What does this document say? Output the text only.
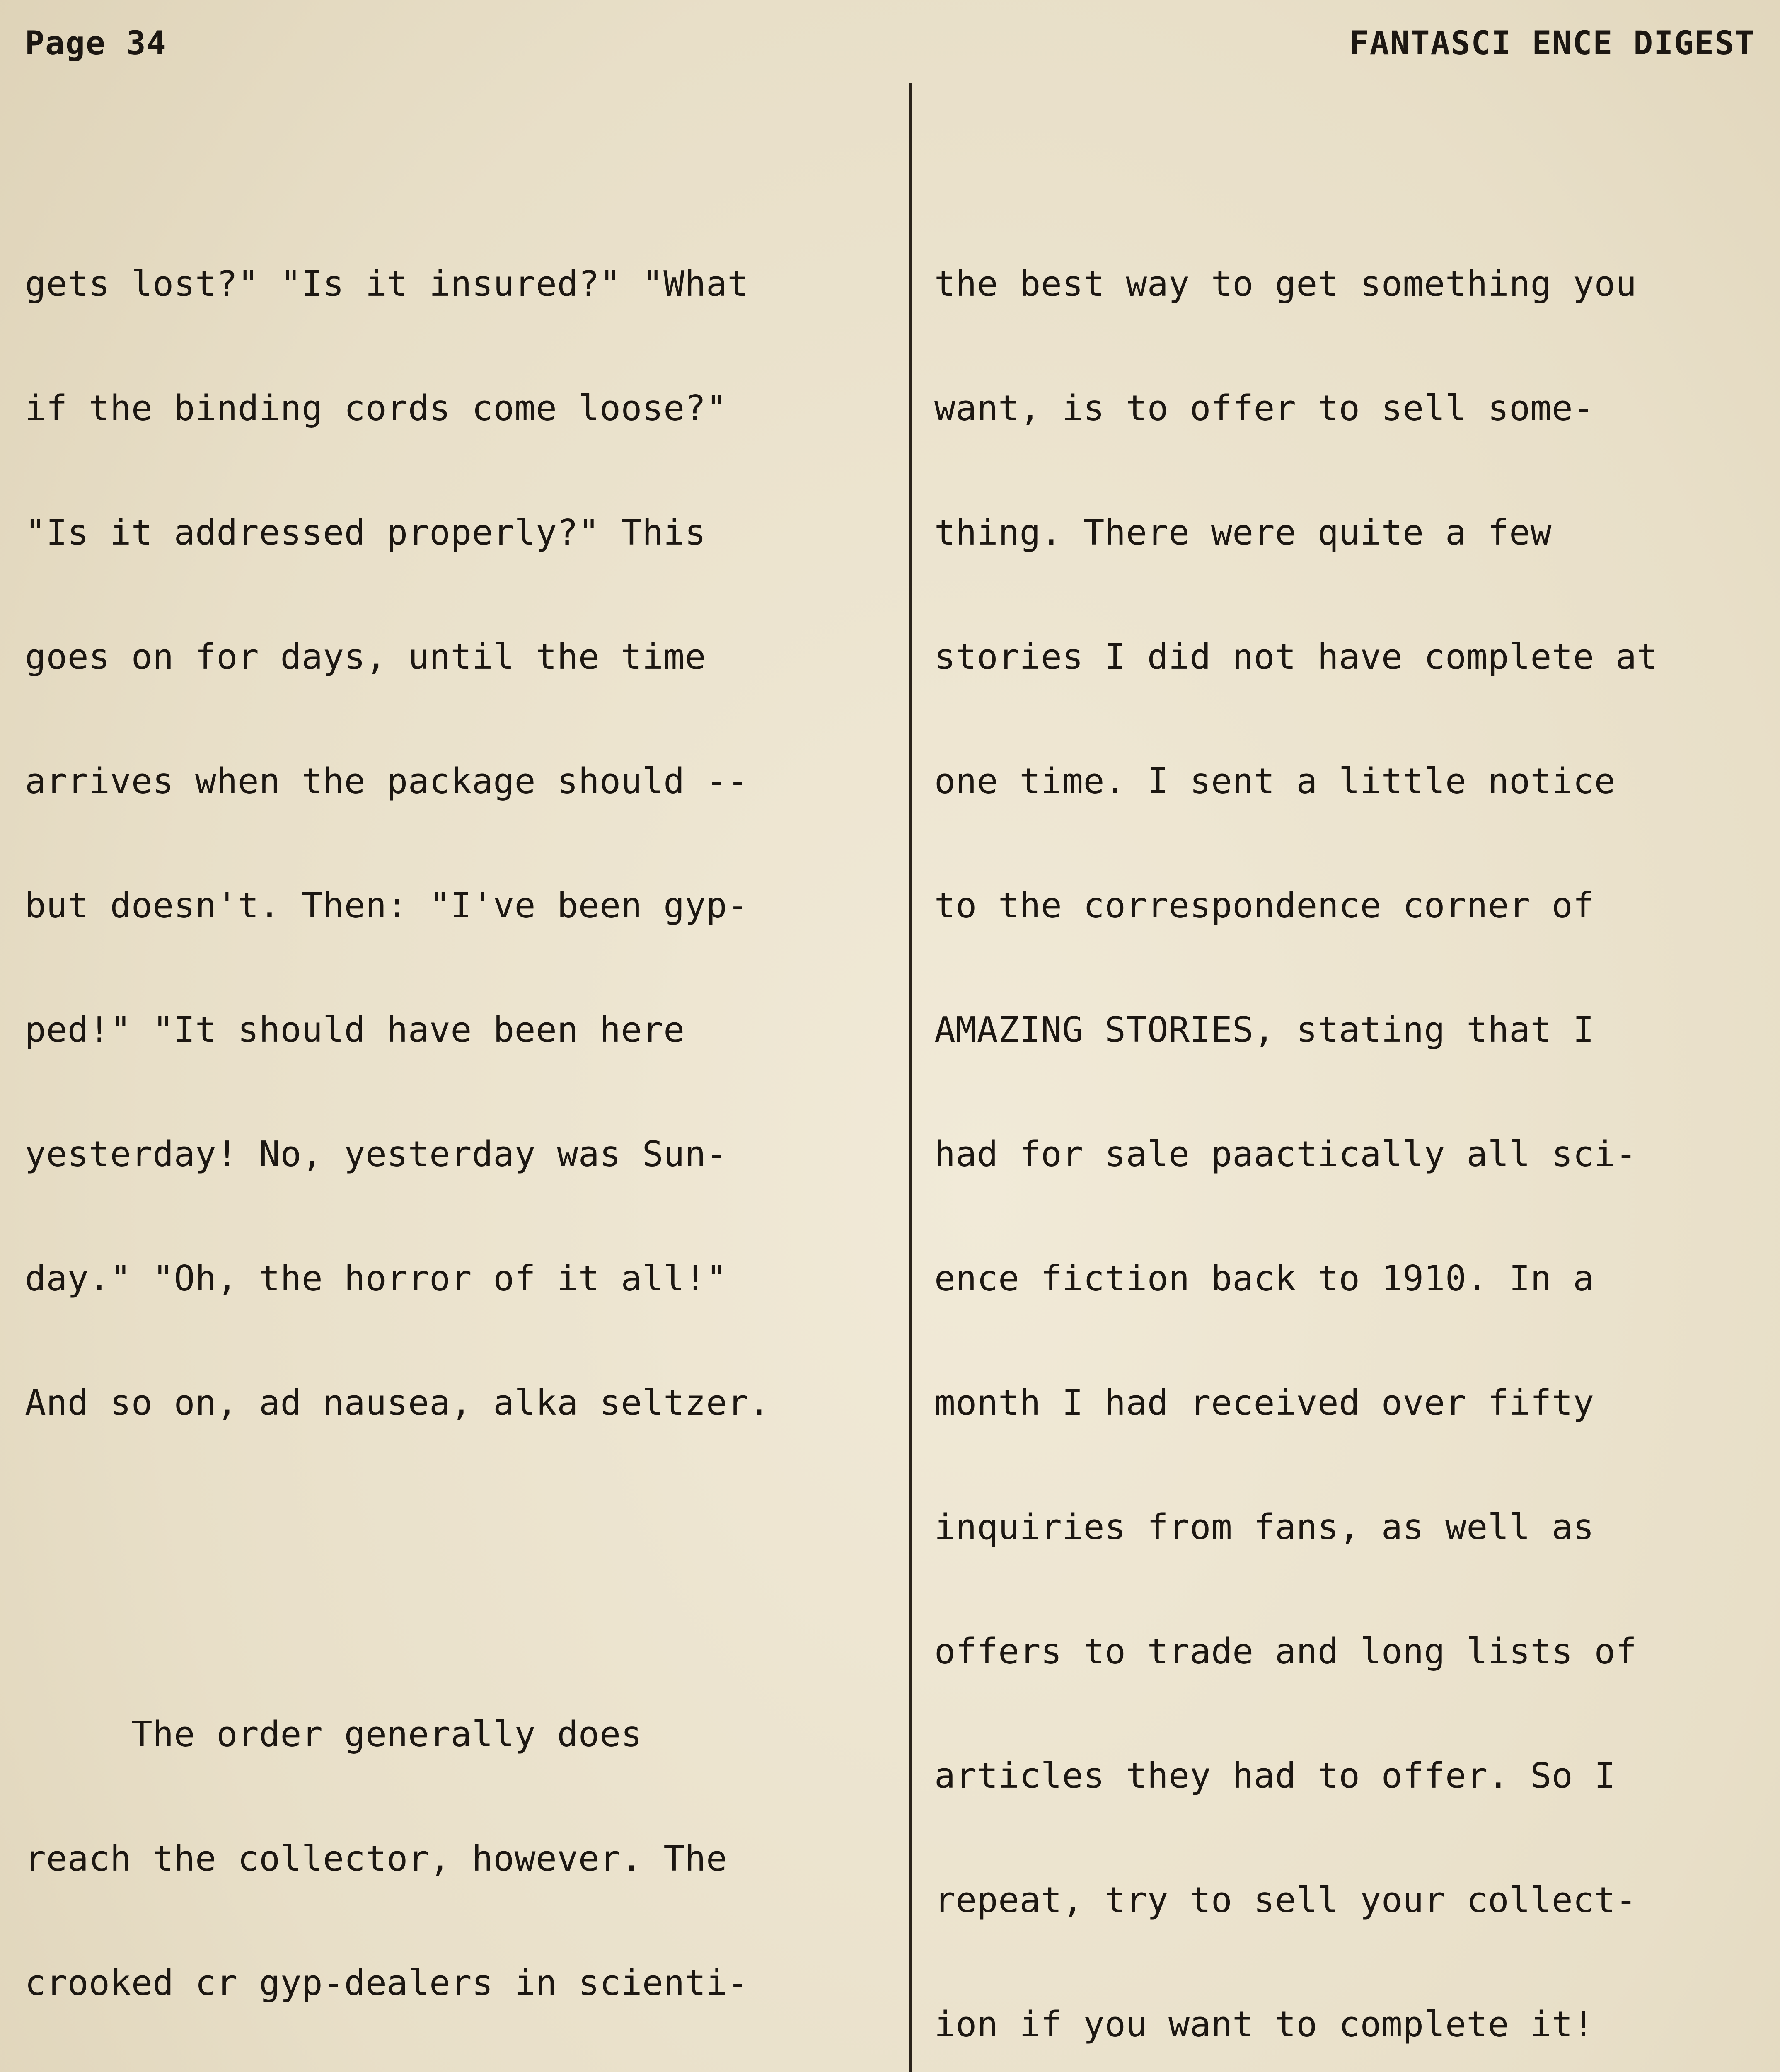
Page 34	FANTASCI ENCE DIGEST

gets lost?" "Is it insured?" "What

if the binding cords come loose?"

"Is it addressed properly?" This

goes on for days, until the time

arrives when the package should --

but doesn't. Then: "I've been gyp-

ped!" "It should have been here

yesterday! No, yesterday was Sun-

day." "Oh, the horror of it all!"

And so on, ad nausea, alka seltzer.

The order generally does

reach the collector, however. The

crooked cr gyp-dealers in scienti-

the best way to get something you

want, is to offer to sell some-

thing. There were quite a few

stories I did not have complete at

one time. I sent a little notice

to the correspondence corner of

AMAZING STORIES, stating that I

had for sale paactically all sci-

ence fiction back to 1910. In a

month I had received over fifty

inquiries from fans, as well as

offers to trade and long lists of

articles they had to offer. So I

repeat, try to sell your collect-

ion if you want to complete it!
